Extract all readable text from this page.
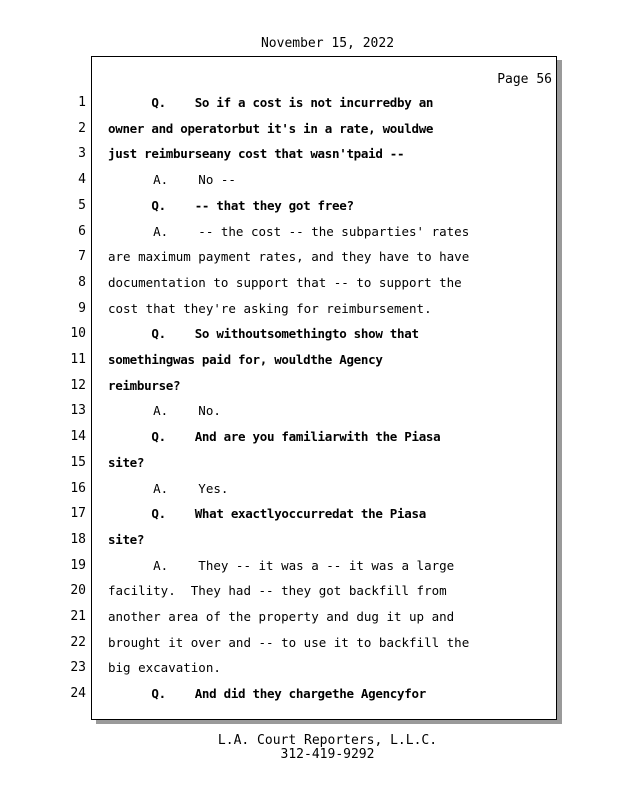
November 15, 2022
Page 56
1 Q.    So if a cost is not incurredby an
2 owner and operatorbut it's in a rate, wouldwe
3 just reimburseany cost that wasn'tpaid --
4 A.    No --
5 Q.    -- that they got free?
6 A.    -- the cost -- the subparties' rates
7 are maximum payment rates, and they have to have
8 documentation to support that -- to support the
9 cost that they're asking for reimbursement.
10 Q.    So withoutsomethingto show that
11 somethingwas paid for, wouldthe Agency
12 reimburse?
13 A.    No.
14 Q.    And are you familiarwith the Piasa
15 site?
16 A.    Yes.
17 Q.    What exactlyoccurredat the Piasa
18 site?
19 A.    They -- it was a -- it was a large
20 facility.  They had -- they got backfill from
21 another area of the property and dug it up and
22 brought it over and -- to use it to backfill the
23 big excavation.
24 Q.    And did they chargethe Agencyfor
L.A. Court Reporters, L.L.C.
312-419-9292
